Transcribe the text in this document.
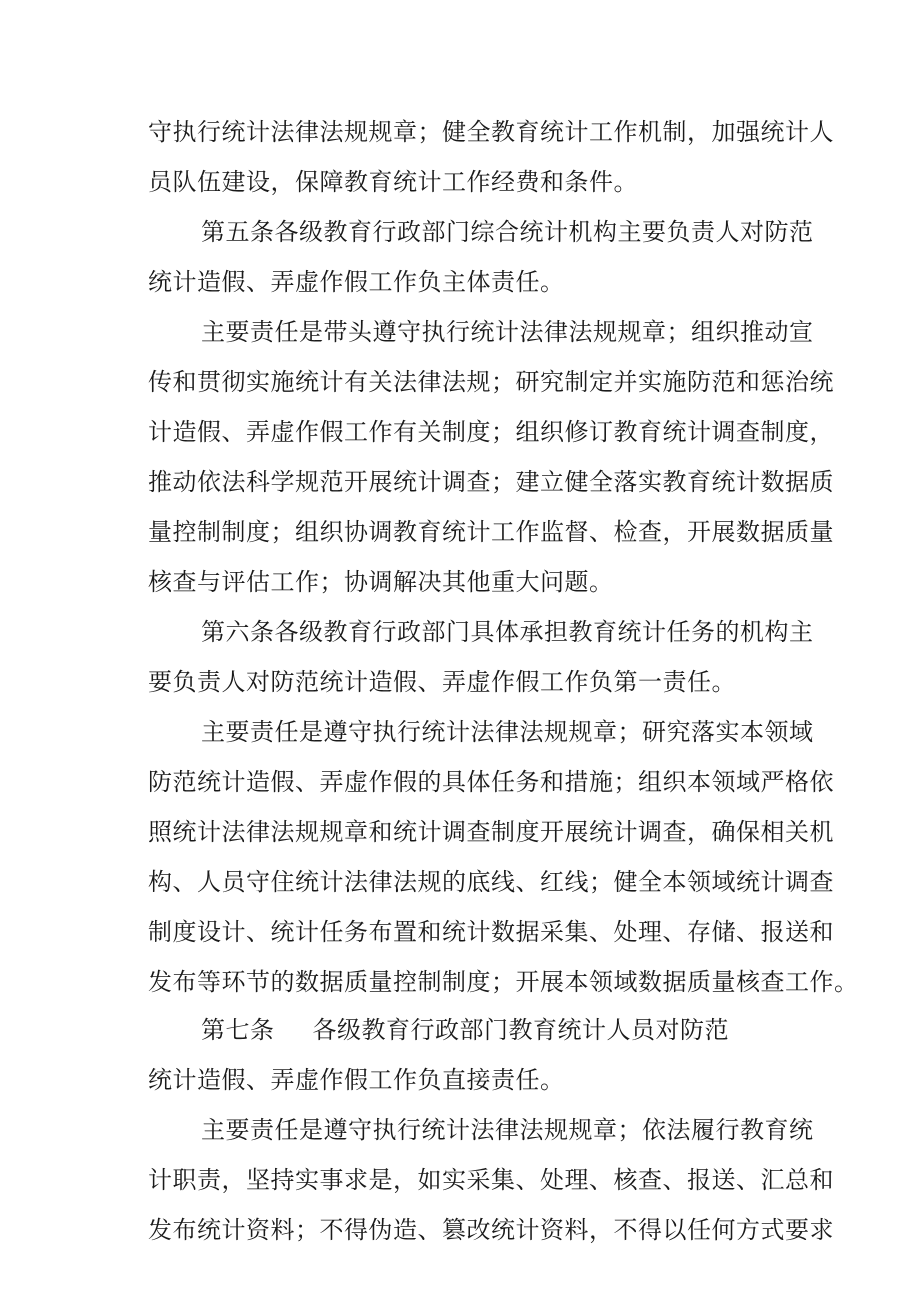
守执行统计法律法规规章；健全教育统计工作机制，加强统计人
员队伍建设，保障教育统计工作经费和条件。
第五条各级教育行政部门综合统计机构主要负责人对防范
统计造假、弄虚作假工作负主体责任。
主要责任是带头遵守执行统计法律法规规章；组织推动宣
传和贯彻实施统计有关法律法规；研究制定并实施防范和惩治统
计造假、弄虚作假工作有关制度；组织修订教育统计调查制度，
推动依法科学规范开展统计调查；建立健全落实教育统计数据质
量控制制度；组织协调教育统计工作监督、检查，开展数据质量
核查与评估工作；协调解决其他重大问题。
第六条各级教育行政部门具体承担教育统计任务的机构主
要负责人对防范统计造假、弄虚作假工作负第一责任。
主要责任是遵守执行统计法律法规规章；研究落实本领域
防范统计造假、弄虚作假的具体任务和措施；组织本领域严格依
照统计法律法规规章和统计调查制度开展统计调查，确保相关机
构、人员守住统计法律法规的底线、红线；健全本领域统计调查
制度设计、统计任务布置和统计数据采集、处理、存储、报送和
发布等环节的数据质量控制制度；开展本领域数据质量核查工作。
第七条 各级教育行政部门教育统计人员对防范
统计造假、弄虚作假工作负直接责任。
主要责任是遵守执行统计法律法规规章；依法履行教育统
计职责，坚持实事求是，如实采集、处理、核查、报送、汇总和
发布统计资料；不得伪造、篡改统计资料，不得以任何方式要求
